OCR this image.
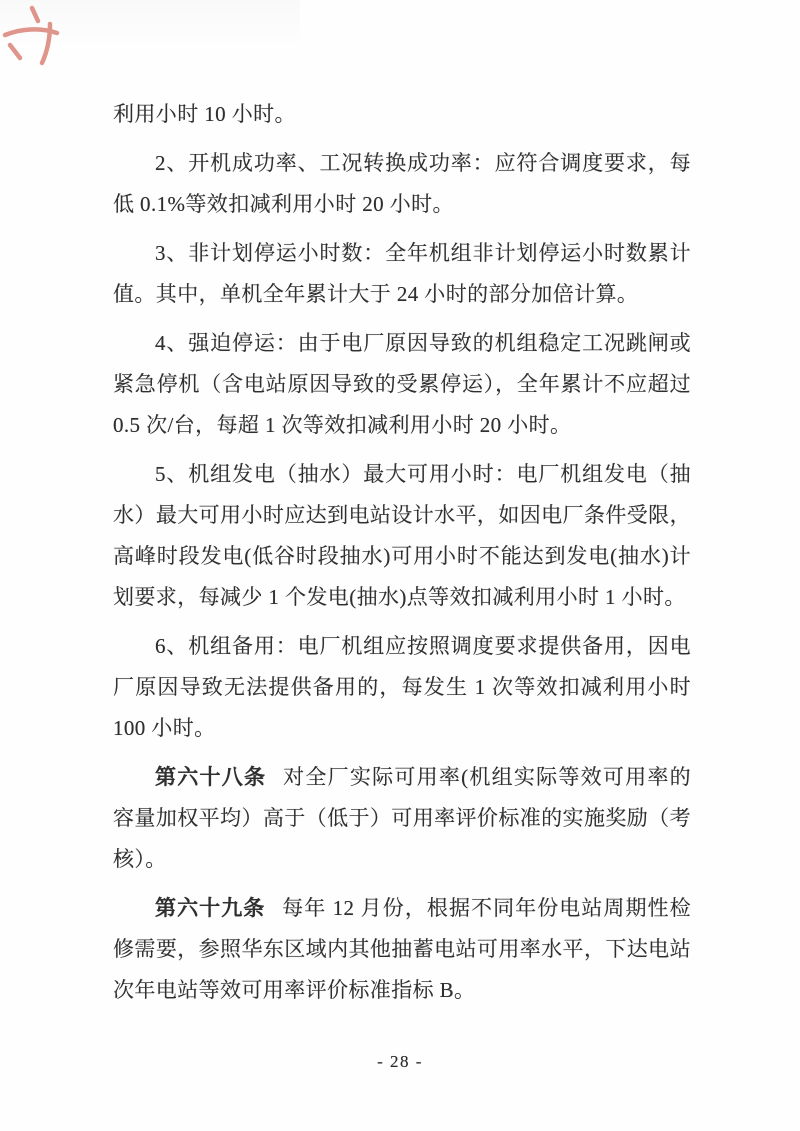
利用小时 10 小时。

2、开机成功率、工况转换成功率：应符合调度要求，每低 0.1%等效扣减利用小时 20 小时。

3、非计划停运小时数：全年机组非计划停运小时数累计值。其中，单机全年累计大于 24 小时的部分加倍计算。

4、强迫停运：由于电厂原因导致的机组稳定工况跳闸或紧急停机（含电站原因导致的受累停运），全年累计不应超过 0.5 次/台，每超 1 次等效扣减利用小时 20 小时。

5、机组发电（抽水）最大可用小时：电厂机组发电（抽水）最大可用小时应达到电站设计水平，如因电厂条件受限，高峰时段发电(低谷时段抽水)可用小时不能达到发电(抽水)计划要求，每减少 1 个发电(抽水)点等效扣减利用小时 1 小时。

6、机组备用：电厂机组应按照调度要求提供备用，因电厂原因导致无法提供备用的，每发生 1 次等效扣减利用小时 100 小时。

第六十八条 对全厂实际可用率(机组实际等效可用率的容量加权平均）高于（低于）可用率评价标准的实施奖励（考核）。

第六十九条 每年 12 月份，根据不同年份电站周期性检修需要，参照华东区域内其他抽蓄电站可用率水平，下达电站次年电站等效可用率评价标准指标 B。

- 28 -
